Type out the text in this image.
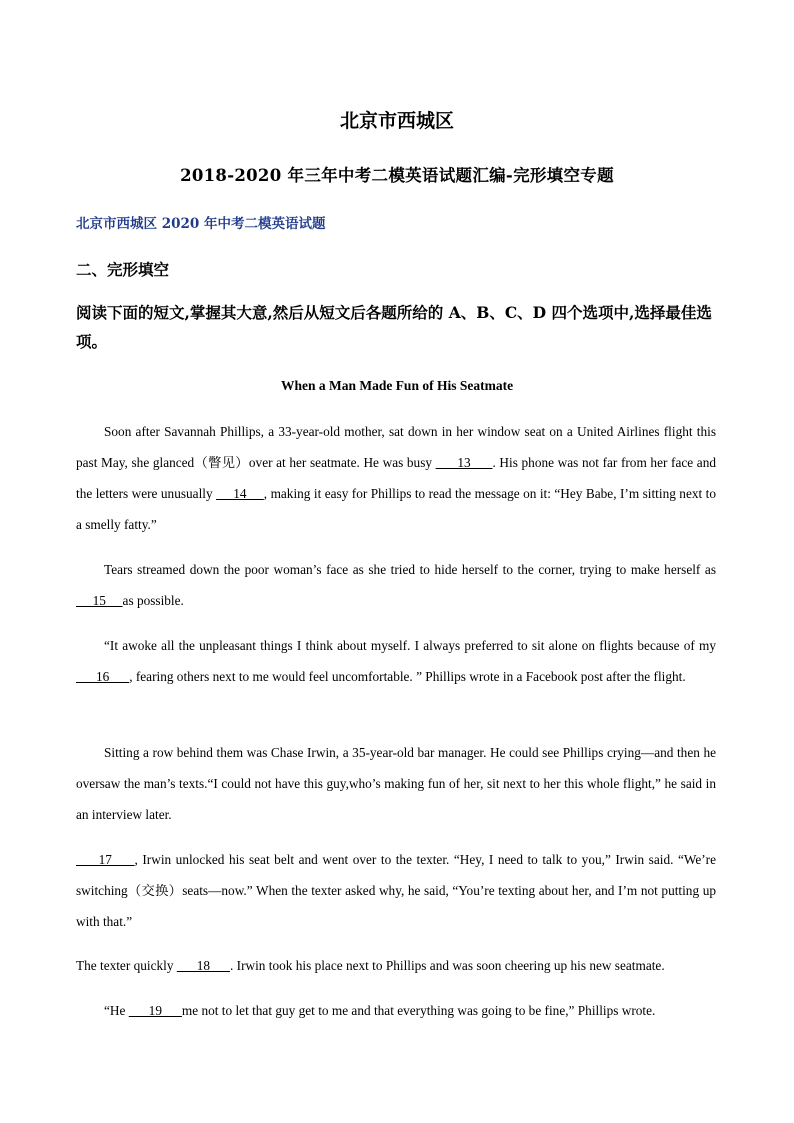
北京市西城区
2018-2020 年三年中考二模英语试题汇编-完形填空专题
北京市西城区 2020 年中考二模英语试题
二、完形填空
阅读下面的短文,掌握其大意,然后从短文后各题所给的 A、B、C、D 四个选项中,选择最佳选项。
When a Man Made Fun of His Seatmate
Soon after Savannah Phillips, a 33-year-old mother, sat down in her window seat on a United Airlines flight this past May, she glanced（瞥见）over at her seatmate. He was busy       13      . His phone was not far from her face and the letters were unusually      14     , making it easy for Phillips to read the message on it: “Hey Babe, I’m sitting next to a smelly fatty.”
Tears streamed down the poor woman’s face as she tried to hide herself to the corner, trying to make herself as      15     as possible.
“It awoke all the unpleasant things I think about myself. I always preferred to sit alone on flights because of my       16      , fearing others next to me would feel uncomfortable. ” Phillips wrote in a Facebook post after the flight.
Sitting a row behind them was Chase Irwin, a 35-year-old bar manager. He could see Phillips crying—and then he oversaw the man’s texts.“I could not have this guy,who’s making fun of her, sit next to her this whole flight,” he said in an interview later.
17     , Irwin unlocked his seat belt and went over to the texter. “Hey, I need to talk to you,” Irwin said. “We’re switching（交换）seats—now.” When the texter asked why, he said, “You’re texting about her, and I’m not putting up with that.”
The texter quickly       18      . Irwin took his place next to Phillips and was soon cheering up his new seatmate.
“He       19      me not to let that guy get to me and that everything was going to be fine,” Phillips wrote.
